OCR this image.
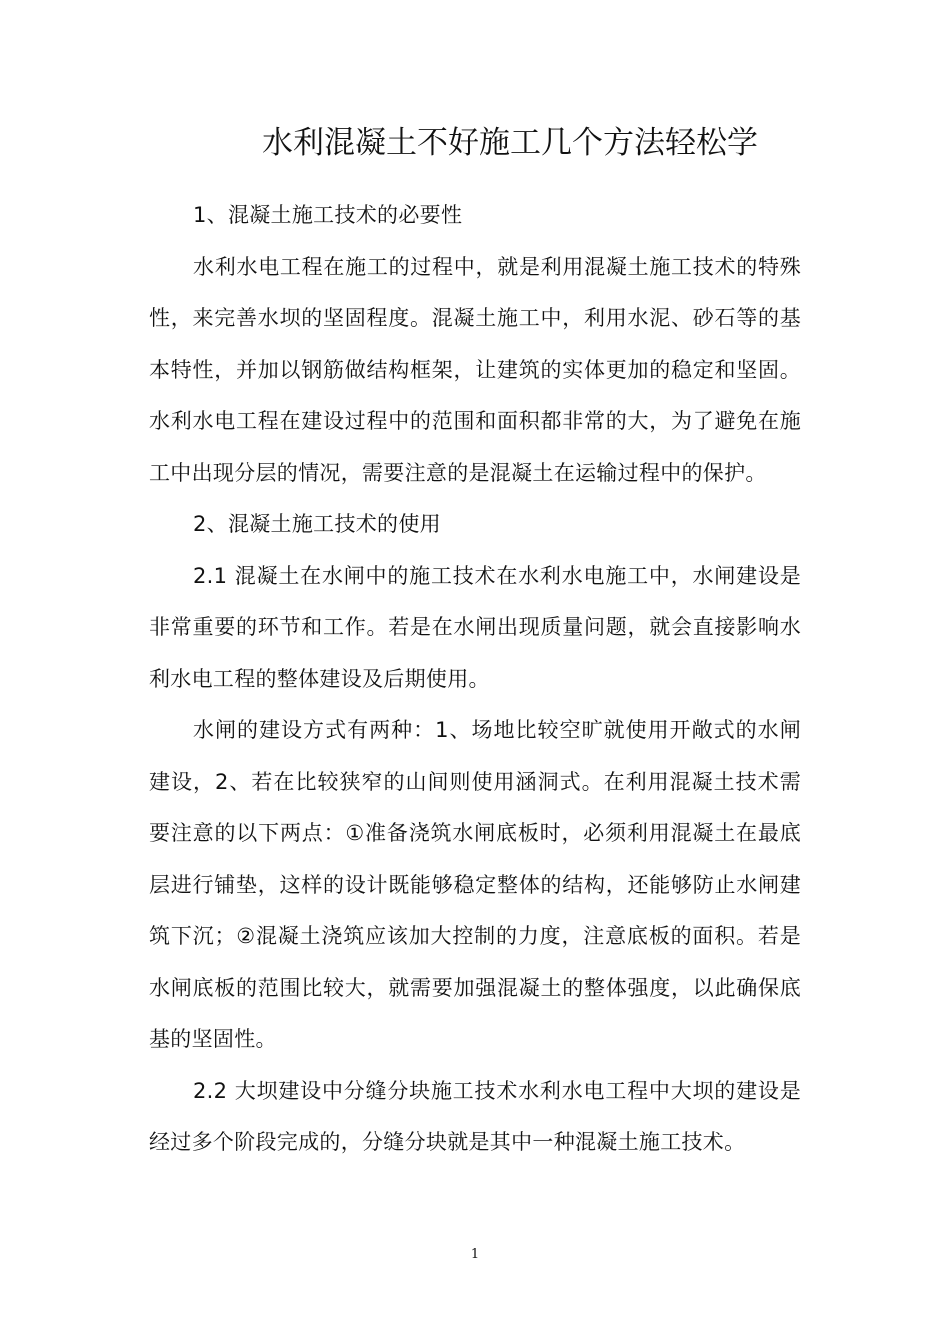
水利混凝土不好施工几个方法轻松学

1、混凝土施工技术的必要性

水利水电工程在施工的过程中，就是利用混凝土施工技术的特殊性，来完善水坝的坚固程度。混凝土施工中，利用水泥、砂石等的基本特性，并加以钢筋做结构框架，让建筑的实体更加的稳定和坚固。水利水电工程在建设过程中的范围和面积都非常的大，为了避免在施工中出现分层的情况，需要注意的是混凝土在运输过程中的保护。

2、混凝土施工技术的使用

2.1 混凝土在水闸中的施工技术在水利水电施工中，水闸建设是非常重要的环节和工作。若是在水闸出现质量问题，就会直接影响水利水电工程的整体建设及后期使用。

水闸的建设方式有两种：1、场地比较空旷就使用开敞式的水闸建设，2、若在比较狭窄的山间则使用涵洞式。在利用混凝土技术需要注意的以下两点：①准备浇筑水闸底板时，必须利用混凝土在最底层进行铺垫，这样的设计既能够稳定整体的结构，还能够防止水闸建筑下沉；②混凝土浇筑应该加大控制的力度，注意底板的面积。若是水闸底板的范围比较大，就需要加强混凝土的整体强度，以此确保底基的坚固性。

2.2 大坝建设中分缝分块施工技术水利水电工程中大坝的建设是经过多个阶段完成的，分缝分块就是其中一种混凝土施工技术。

1
